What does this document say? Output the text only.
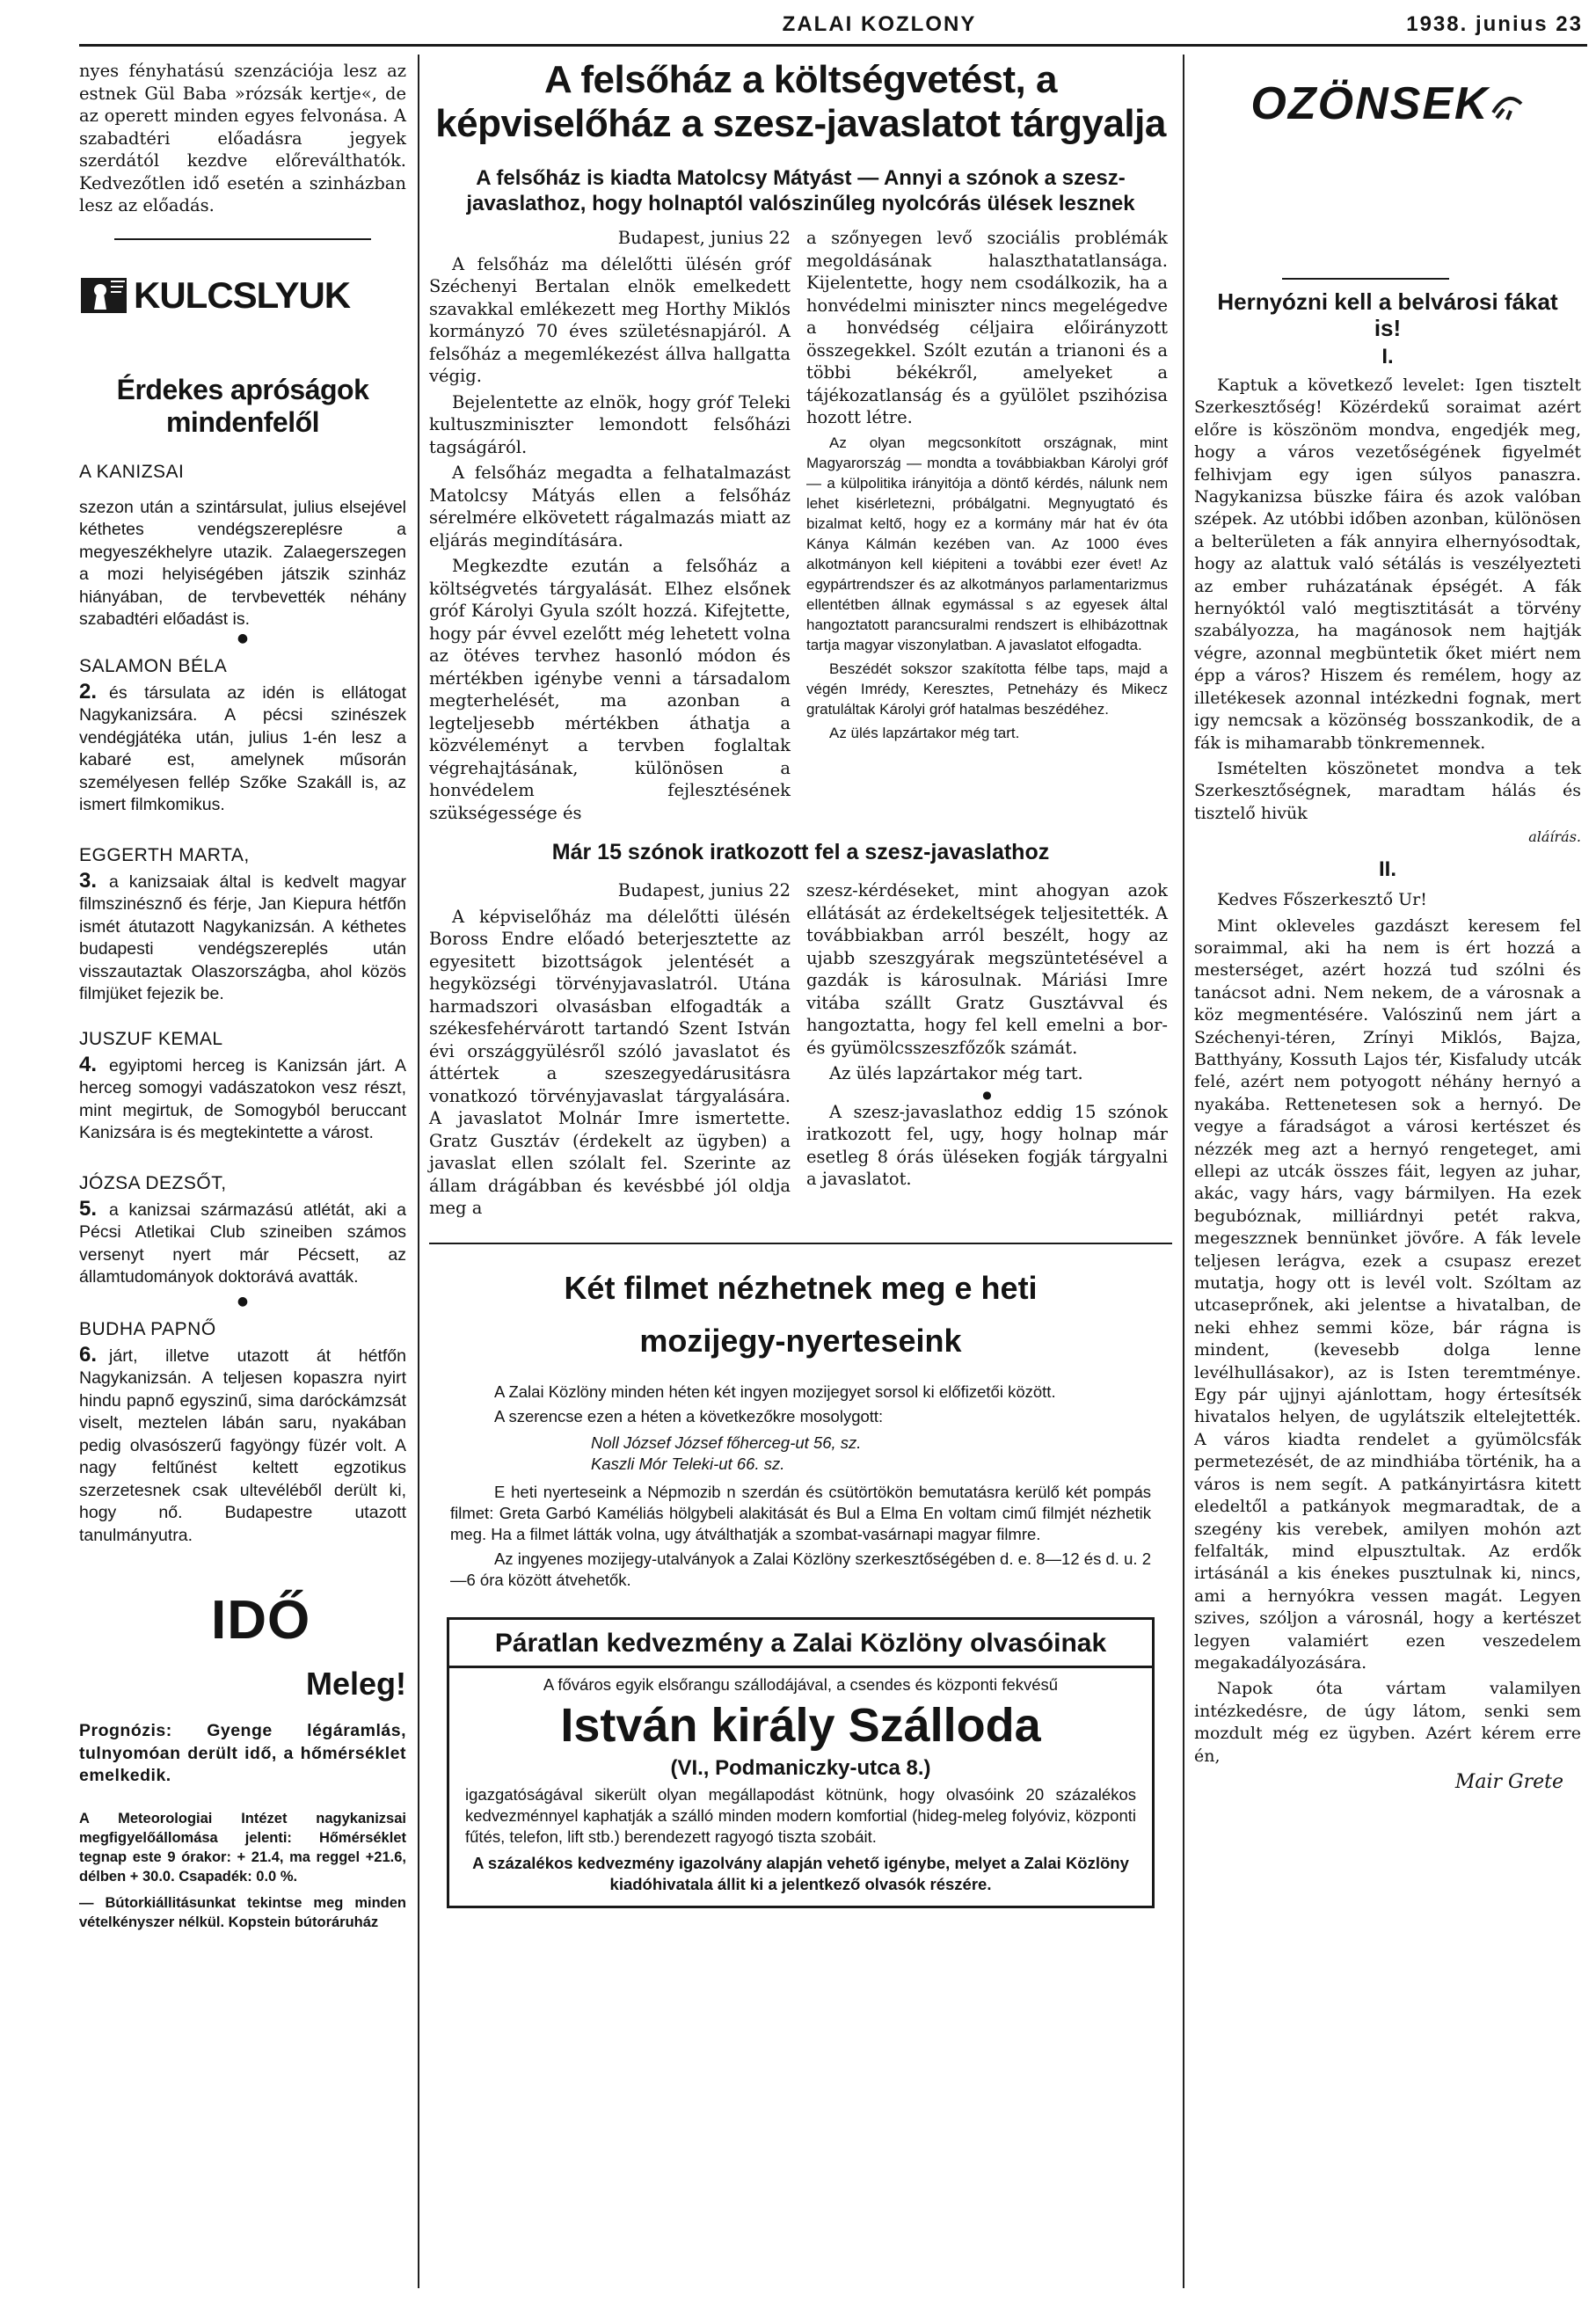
ZALAI KOZLONY	1938. junius 23

nyes fényhatású szenzációja lesz az estnek Gül Baba »rózsák kertje«, de az operett minden egyes felvonása. A szabadtéri előadásra jegyek szerdától kezdve előreválthatók. Kedvezőtlen idő esetén a szinházban lesz az előadás.

KULCSLYUK
Érdekes apróságok mindenfelől
A KANIZSAI

szezon után a szintársulat, julius elsejével kéthetes vendégszereplésre a megyeszékhelyre utazik. Zalaegerszegen a mozi helyiségében játszik szinház hiányában, de tervbevették néhány szabadtéri előadást is.

●
SALAMON BÉLA

2. és társulata az idén is ellátogat Nagykanizsára. A pécsi szinészek vendégjátéka után, julius 1-én lesz a kabaré est, amelynek műsorán személyesen fellép Szőke Szakáll is, az ismert filmkomikus.

EGGERTH MARTA,

3. a kanizsaiak által is kedvelt magyar filmszinésznő és férje, Jan Kiepura hétfőn ismét átutazott Nagykanizsán. A kéthetes budapesti vendégszereplés után visszautaztak Olaszországba, ahol közös filmjüket fejezik be.

JUSZUF KEMAL

4. egyiptomi herceg is Kanizsán járt. A herceg somogyi vadászatokon vesz részt, mint megirtuk, de Somogyból beruccant Kanizsára is és megtekintette a várost.

JÓZSA DEZSŐT,

5. a kanizsai származású atlétát, aki a Pécsi Atletikai Club szineiben számos versenyt nyert már Pécsett, az államtudományok doktorává avatták.

●
BUDHA PAPNŐ

6. járt, illetve utazott át hétfőn Nagykanizsán. A teljesen kopaszra nyirt hindu papnő egyszinű, sima daróckámzsát viselt, meztelen lábán saru, nyakában pedig olvasószerű fagyöngy füzér volt. A nagy feltűnést keltett egzotikus szerzetesnek csak ultevéléből derült ki, hogy nő. Budapestre utazott tanulmányutra.

IDŐ
Meleg!

Prognózis: Gyenge légáramlás, tulnyomóan derült idő, a hőmérséklet emelkedik.

A Meteorologiai Intézet nagykanizsai megfigyelőállomása jelenti: Hőmérséklet tegnap este 9 órakor: + 21.4, ma reggel +21.6, délben + 30.0. Csapadék: 0.0 %.

— Bútorkiállitásunkat tekintse meg minden vételkényszer nélkül. Kopstein bútoráruház

A felsőház a költségvetést, a képviselőház a szesz-javaslatot tárgyalja
A felsőház is kiadta Matolcsy Mátyást — Annyi a szónok a szesz-javaslathoz, hogy holnaptól valószinűleg nyolcórás ülések lesznek

Budapest, junius 22

A felsőház ma délelőtti ülésén gróf Széchenyi Bertalan elnök emelkedett szavakkal emlékezett meg Horthy Miklós kormányzó 70 éves születésnapjáról. A felsőház a megemlékezést állva hallgatta végig.

Bejelentette az elnök, hogy gróf Teleki kultuszminiszter lemondott felsőházi tagságáról.

A felsőház megadta a felhatalmazást Matolcsy Mátyás ellen a felsőház sérelmére elkövetett rágalmazás miatt az eljárás megindítására.

Megkezdte ezután a felsőház a költségvetés tárgyalását. Elhez elsőnek gróf Károlyi Gyula szólt hozzá. Kifejtette, hogy pár évvel ezelőtt még lehetett volna az ötéves tervhez hasonló módon és mértékben igénybe venni a társadalom megterhelését, ma azonban a legteljesebb mértékben áthatja a közvéleményt a tervben foglaltak végrehajtásának, különösen a honvédelem fejlesztésének szükségessége és

a szőnyegen levő szociális problémák megoldásának halaszthatatlansága. Kijelentette, hogy nem csodálkozik, ha a honvédelmi miniszter nincs megelégedve a honvédség céljaira előirányzott összegekkel. Szólt ezután a trianoni és a többi békékről, amelyeket a tájékozatlanság és a gyülölet pszihózisa hozott létre.

Az olyan megcsonkított országnak, mint Magyarország — mondta a továbbiakban Károlyi gróf — a külpolitika irányitója a döntő kérdés, nálunk nem lehet kisérletezni, próbálgatni. Megnyugtató és bizalmat keltő, hogy ez a kormány már hat év óta Kánya Kálmán kezében van. Az 1000 éves alkotmányon kell kiépiteni a további ezer évet! Az egypártrendszer és az alkotmányos parlamentarizmus ellentétben állnak egymással s az egyesek által hangoztatott parancsuralmi rendszert is elhibázottnak tartja magyar viszonylatban. A javaslatot elfogadta.

Beszédét sokszor szakította félbe taps, majd a végén Imrédy, Keresztes, Petneházy és Mikecz gratuláltak Károlyi gróf hatalmas beszédéhez.

Az ülés lapzártakor még tart.

Már 15 szónok iratkozott fel a szesz-javaslathoz

Budapest, junius 22

A képviselőház ma délelőtti ülésén Boross Endre előadó beterjesztette az egyesitett bizottságok jelentését a hegyközségi törvényjavaslatról. Utána harmadszori olvasásban elfogadták a székesfehérvárott tartandó Szent István évi országgyülésről szóló javaslatot és áttértek a szeszegyedárusitásra vonatkozó törvényjavaslat tárgyalására. A javaslatot Molnár Imre ismertette. Gratz Gusztáv (érdekelt az ügyben) a javaslat ellen szólalt fel. Szerinte az állam drágábban és kevésbbé jól oldja meg a

szesz-kérdéseket, mint ahogyan azok ellátását az érdekeltségek teljesitették. A továbbiakban arról beszélt, hogy az ujabb szeszgyárak megszüntetésével a gazdák is károsulnak. Máriási Imre vitába szállt Gratz Gusztávval és hangoztatta, hogy fel kell emelni a bor- és gyümölcsszeszfőzők számát.

Az ülés lapzártakor még tart.

●

A szesz-javaslathoz eddig 15 szónok iratkozott fel, ugy, hogy holnap már esetleg 8 órás üléseken fogják tárgyalni a javaslatot.

Két filmet nézhetnek meg e heti mozijegy-nyerteseink

A Zalai Közlöny minden héten két ingyen mozijegyet sorsol ki előfizetői között.

A szerencse ezen a héten a következőkre mosolygott:

Noll József József főherceg-ut 56, sz.

Kaszli Mór Teleki-ut 66. sz.

E heti nyerteseink a Népmozib n szerdán és csütörtökön bemutatásra kerülő két pompás filmet: Greta Garbó Kaméliás hölgybeli alakitását és Bul a Elma En voltam cimű filmjét nézhetik meg. Ha a filmet látták volna, ugy átválthatják a szombat-vasárnapi magyar filmre.

Az ingyenes mozijegy-utalványok a Zalai Közlöny szerkesztőségében d. e. 8—12 és d. u. 2—6 óra között átvehetők.

Páratlan kedvezmény a Zalai Közlöny olvasóinak

A főváros egyik elsőrangu szállodájával, a csendes és központi fekvésű

István király Szálloda
(VI., Podmaniczky-utca 8.)

igazgatóságával sikerült olyan megállapodást kötnünk, hogy olvasóink 20 százalékos kedvezménnyel kaphatják a szálló minden modern komfortial (hideg-meleg folyóviz, központi fűtés, telefon, lift stb.) berendezett ragyogó tiszta szobáit.

A százalékos kedvezmény igazolvány alapján vehető igénybe, melyet a Zalai Közlöny kiadóhivatala állit ki a jelentkező olvasók részére.

OZÖNSEK
Hernyózni kell a belvárosi fákat is!
I.

Kaptuk a következő levelet: Igen tisztelt Szerkesztőség! Közérdekű soraimat azért előre is köszönöm mondva, engedjék meg, hogy a város vezetőségének figyelmét felhivjam egy igen súlyos panaszra. Nagykanizsa büszke fáira és azok valóban szépek. Az utóbbi időben azonban, különösen a belterületen a fák annyira elhernyósodtak, hogy az alattuk való sétálás is veszélyezteti az ember ruházatának épségét. A fák hernyóktól való megtisztitását a törvény szabályozza, ha magánosok nem hajtják végre, azonnal megbüntetik őket miért nem épp a város? Hiszem és remélem, hogy az illetékesek azonnal intézkedni fognak, mert igy nemcsak a közönség bosszankodik, de a fák is mihamarabb tönkremennek.

Ismételten köszönetet mondva a tek Szerkesztőségnek, maradtam hálás és tisztelő hivük

aláírás.
II.

Kedves Főszerkesztő Ur!

Mint okleveles gazdászt keresem fel soraimmal, aki ha nem is ért hozzá a mesterséget, azért hozzá tud szólni és tanácsot adni. Nem nekem, de a városnak a köz megmentésére. Valószinű nem járt a Széchenyi-téren, Zrínyi Miklós, Bajza, Batthyány, Kossuth Lajos tér, Kisfaludy utcák felé, azért nem potyogott néhány hernyó a nyakába. Rettenetesen sok a hernyó. De vegye a fáradságot a városi kertészet és nézzék meg azt a hernyó rengeteget, ami ellepi az utcák összes fáit, legyen az juhar, akác, vagy hárs, vagy bármilyen. Ha ezek begubóznak, milliárdnyi petét rakva, megeszznek bennünket jövőre. A fák levele teljesen lerágva, ezek a csupasz erezet mutatja, hogy ott is levél volt. Szóltam az utcaseprőnek, aki jelentse a hivatalban, de neki ehhez semmi köze, bár rágna is mindent, (kevesebb dolga lenne levélhullásakor), az is Isten teremtménye. Egy pár ujjnyi ajánlottam, hogy értesítsék hivatalos helyen, de ugylátszik eltelejtették. A város kiadta rendelet a gyümölcsfák permetezését, de az mindhiába történik, ha a város is nem segít. A patkányirtásra kitett eledeltől a patkányok megmaradtak, de a szegény kis verebek, amilyen mohón azt felfalták, mind elpusztultak. Az erdők irtásánál a kis énekes pusztulnak ki, nincs, ami a hernyókra vessen magát. Legyen szives, szóljon a városnál, hogy a kertészet legyen valamiért ezen veszedelem megakadályozására.

Napok óta vártam valamilyen intézkedésre, de úgy látom, senki sem mozdult még ez ügyben. Azért kérem erre én,

Mair Grete
